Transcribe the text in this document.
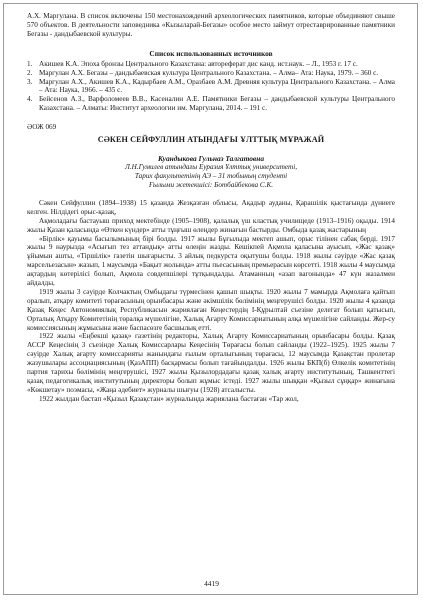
А.Х. Маргулана. В список включены 150 местонахождений археологических памятников, которые объединяют свыше 570 объектов. В деятельности заповедника «Кызыларай-Бегазы» особое место займут отреставрированные памятники Бегазы - дандыбаевской культуры.

Список использованных источников
1. Акишев К.А. Эпоха бронзы Центрального Казахстана: автореферат дис канд. ист.наук. – Л., 1953 г. 17 с.
2. Маргулан А.Х. Бегазы – дандыбаевская культура Центрального Казахстана. – Алма– Ата: Наука, 1979. – 360 с.
3. Маргулан А.Х., Акишев К.А., Кадырбаев А.М., Оразбаев А.М. Древняя культура Центрального Казахстана. – Алма – Ата: Наука, 1966. – 435 с.
4. Бейсенов А.З., Варфоломеев В.В., Касеналин А.Е. Памятники Бегазы – дандыбаевской культуры Центрального Казахстана. – Алматы: Институт археологии им. Маргулана, 2014. – 191 с.
ӘОЖ 069
СӘКЕН СЕЙФУЛЛИН АТЫНДАҒЫ ҰЛТТЫҚ МҰРАЖАЙ
Куандыкова Гульназ Талгатовна
Л.Н.Гумилев атындағы Еуразия Ұлттық университеті,
Тарих факультетінің АЭ – 31 тобының студенті
Ғылыми жетекшісі: Ботбайбекова С.К.

Сәкен Сейфуллин (1894–1938) 15 қазанда Жезқазған облысы, Ақадыр ауданы, Қарашілік қыстағында дүниеге келген. Нілдідегі орыс-қазақ,

Ақмоладағы бастауыш приход мектебінде (1905–1908), қалалық үш кластық училищеде (1913–1916) оқыды. 1914 жылы Қазан қаласында «Өткен күндер» атты тұңғыш өлеңдер жинағын бастырды. Омбыда қазақ жастарының

«Бірлік» қауымы басылымының бірі болды. 1917 жылы Бұғылыда мектеп ашып, орыс тілінен сабақ берді. 1917 жылы 9 наурызда «Асығып тез аттандық» атты өлеңін жазды. Кешікпей Ақмола қаласына ауысып, «Жас қазақ» ұйымын ашты, «Тіршілік» газетін шығарысты. 3 айлық педкурста оқытушы болды. 1918 жылы сәуірде «Жас қазақ марсельезасын» жазып, 1 маусымда «Бақыт жолында» атты пьесасының премьерасын көрсетті. 1918 жылы 4 маусымда ақтардың көтерілісі болып, Ақмола совдепшілері тұтқындалды. Атаманның «азап вагонында» 47 күн жазалмен айдалды,

1919 жылы 3 сәуірде Колчактың Омбыдағы түрмесінен қашып шықты. 1920 жылы 7 мамырда Ақмолаға қайтып оралып, атқару комитеті төрағасының орынбасары және әкімшілік бөлімінің меңгерушісі болды. 1920 жылы 4 қазанда Қазақ Кеңес Автономиялық Республикасын жариялаған Кеңестердің І-Құрылтай съезіне делегат болып қатысып, Орталық Атқару Комитетінің төралқа мүшелігіне, Халық Ағарту Комиссариатының алқа мүшелігіне сайланды. Жер-су комиссиясының жұмысына және баспасөзге басшылық етті.

1922 жылы «Еңбекші қазақ» газетінің редакторы, Халық Ағарту Комиссариатының орынбасары болды. Қазақ АССР Кеңесінің 3 съезінде Халық Комиссарлары Кеңесінің Төрағасы болып сайланды (1922–1925). 1925 жылы 7 сәуірде Халық ағарту комиссарияты жанындағы ғылым орталығының төрағасы, 12 маусымда Қазақстан пролетар жазушылары ассоциациясының (ҚазАПП) басқармасы болып тағайындалды. 1926 жылы БКП(б) Өлкелік комитетінің партия тарихы бөлімінің меңгерушісі, 1927 жылы Қызылордадағы қазақ халық ағарту институтының, Ташкенттегі қазақ педагогикалық институтының директоры болып жұмыс істеді. 1927 жылы шыққан «Қызыл сұңқар» жинағына «Көкшетау» поэмасы, «Жаңа әдебиет» журналы шығуы (1928) атсалысты.

1922 жылдан бастап «Қызыл Қазақстан» журналында жариялана бастаған «Тар жол,

4419
